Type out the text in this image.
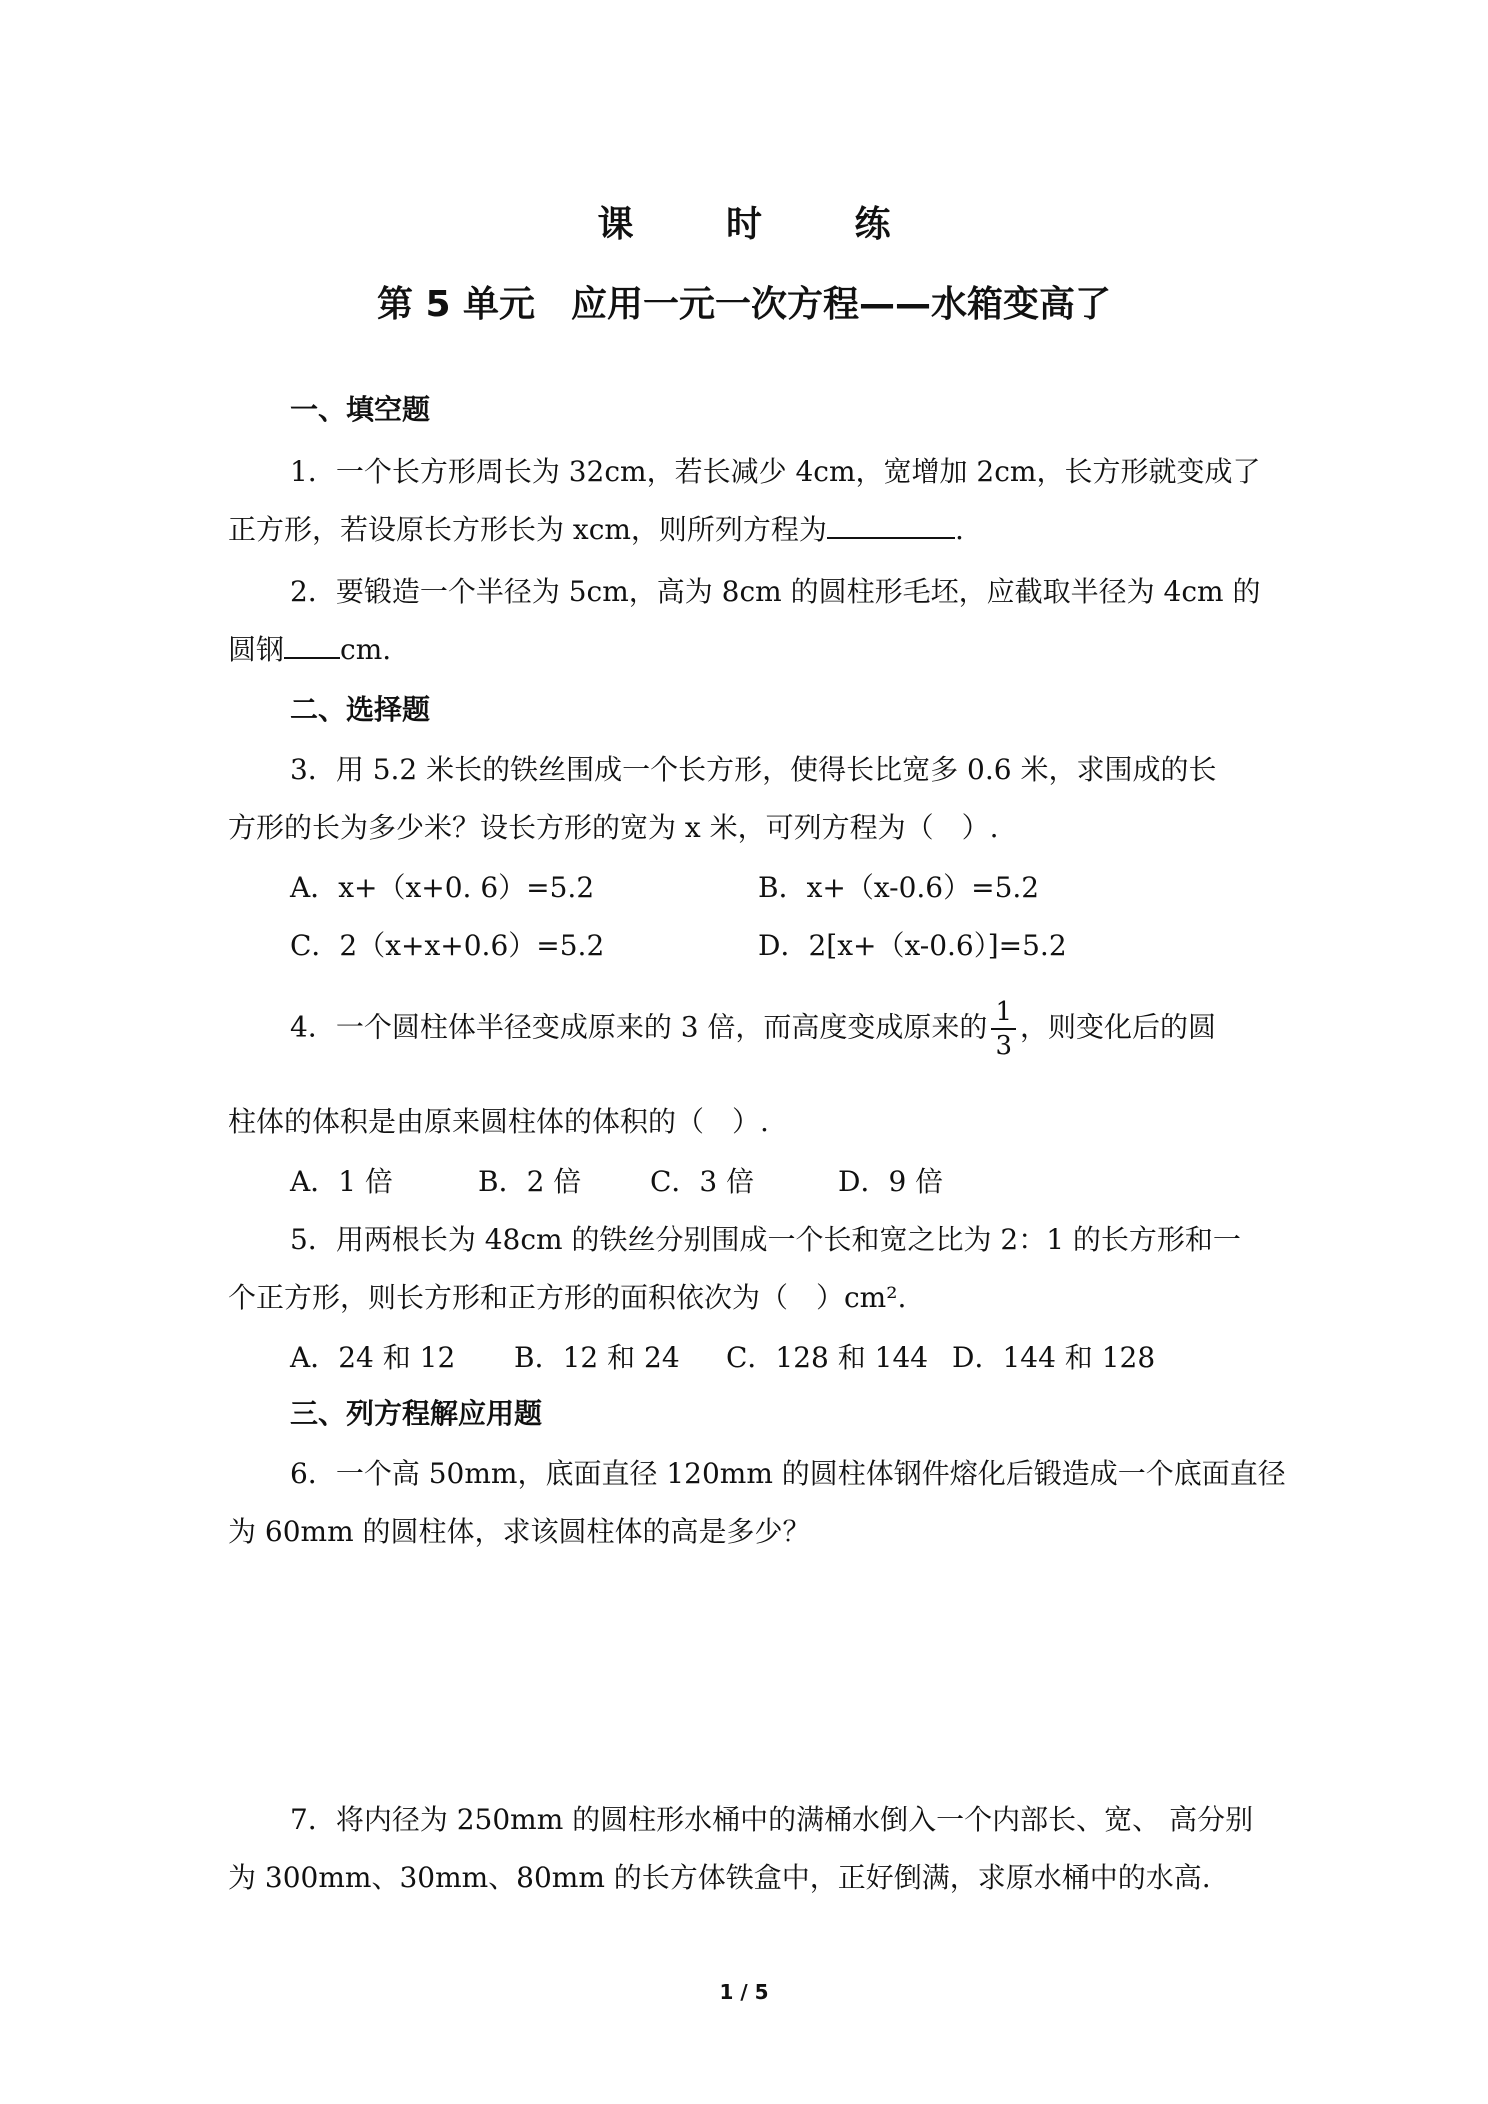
课 时 练
第 5 单元　应用一元一次方程——水箱变高了
一、填空题
1．一个长方形周长为 32cm，若长减少 4cm，宽增加 2cm，长方形就变成了
正方形，若设原长方形长为 xcm，则所列方程为	.
2．要锻造一个半径为 5cm，高为 8cm 的圆柱形毛坯，应截取半径为 4cm 的
圆钢 cm.
二、选择题
3．用 5.2 米长的铁丝围成一个长方形，使得长比宽多 0.6 米，求围成的长
方形的长为多少米？设长方形的宽为 x 米，可列方程为（　）.
A．x+（x+0. 6）=5.2	B．x+（x-0.6）=5.2
C．2（x+x+0.6）=5.2	D．2[x+（x-0.6）]=5.2
4．一个圆柱体半径变成原来的 3 倍，而高度变成原来的 $\frac{1}{3}$ ，则变化后的圆
柱体的体积是由原来圆柱体的体积的（　）.
A．1 倍	B．2 倍 C．3 倍	D．9 倍
5．用两根长为 48cm 的铁丝分别围成一个长和宽之比为 2：1 的长方形和一
个正方形，则长方形和正方形的面积依次为（　）cm².
A．24 和 12 B．12 和 24 C．128 和 144 D．144 和 128
三、列方程解应用题
6．一个高 50mm，底面直径 120mm 的圆柱体钢件熔化后锻造成一个底面直径
为 60mm 的圆柱体，求该圆柱体的高是多少？
7．将内径为 250mm 的圆柱形水桶中的满桶水倒入一个内部长、宽、 高分别
为 300mm、30mm、80mm 的长方体铁盒中，正好倒满，求原水桶中的水高.
1 / 5
